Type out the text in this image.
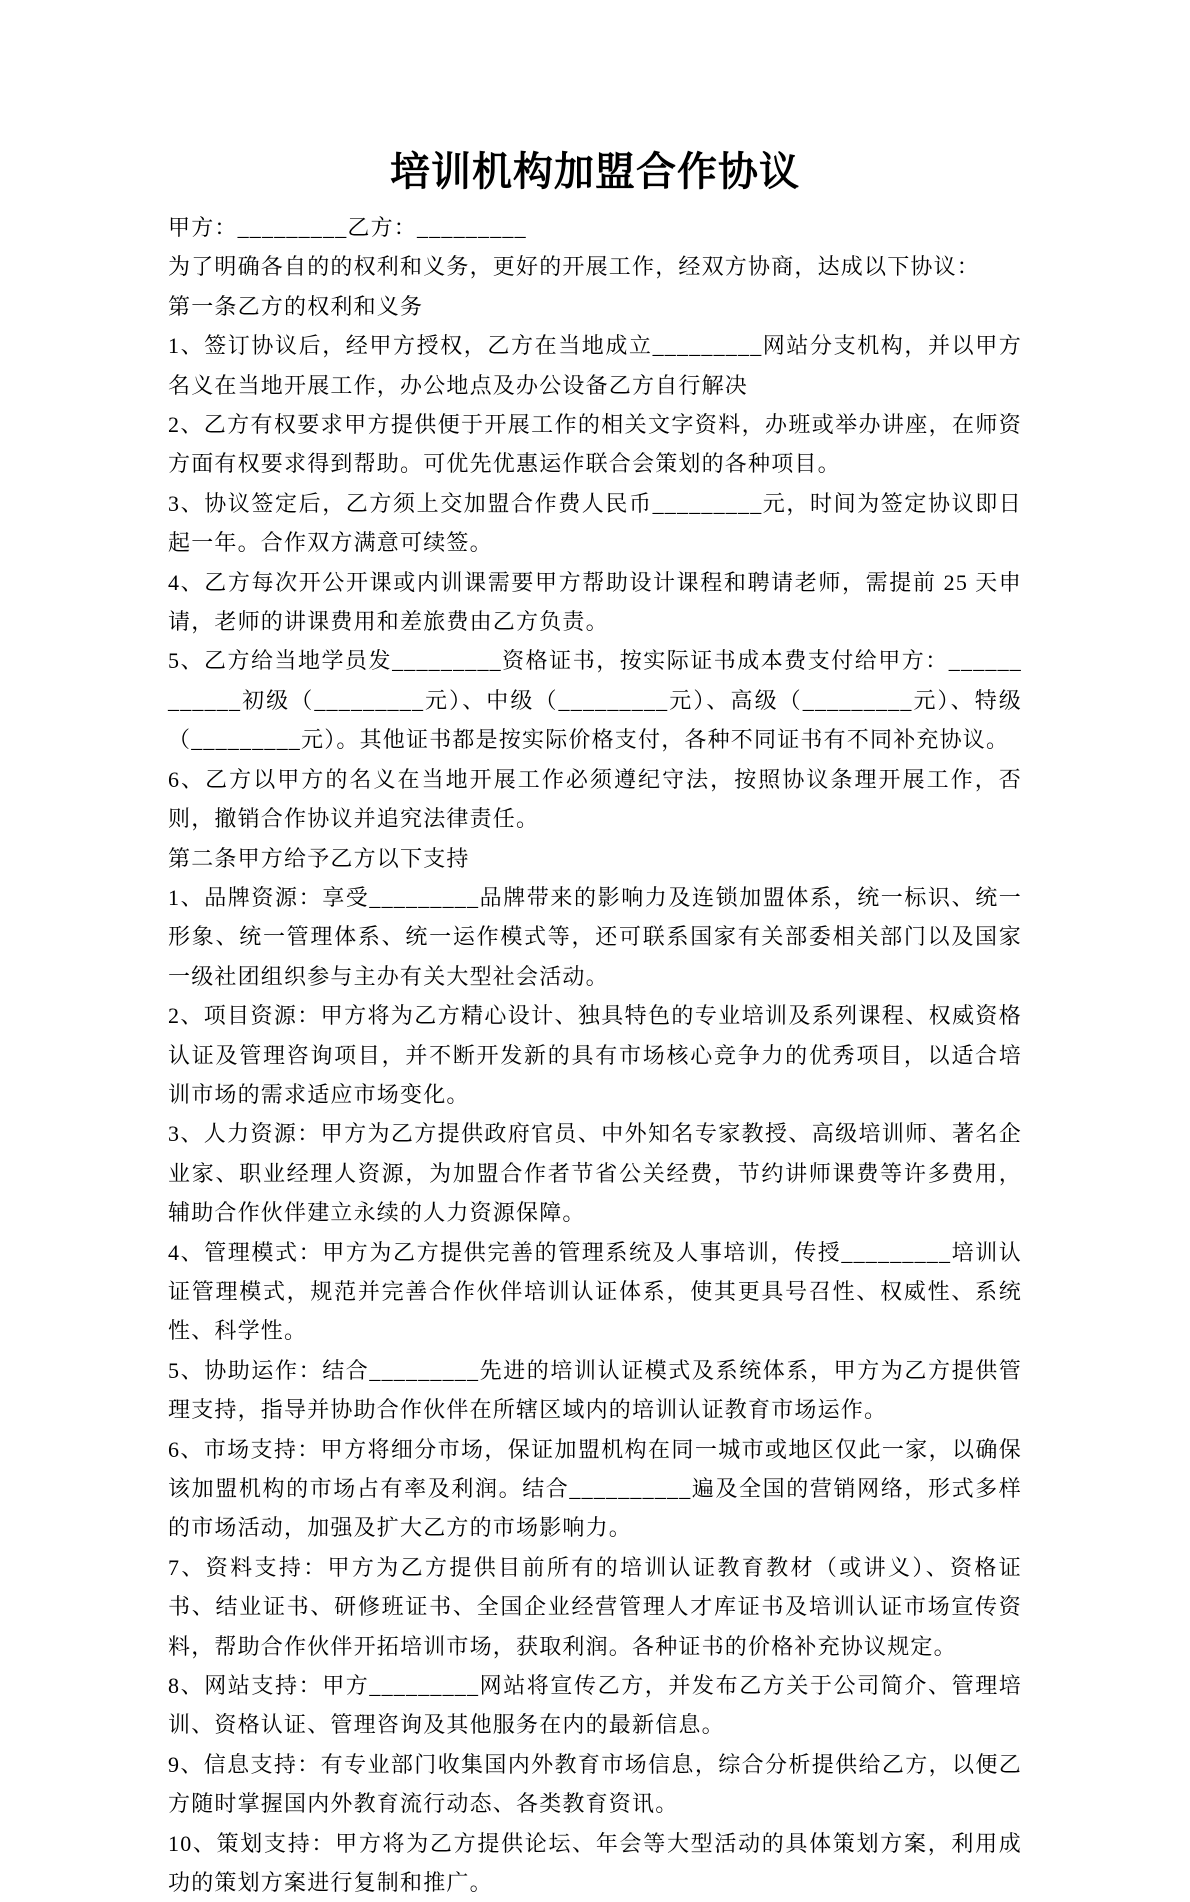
培训机构加盟合作协议

甲方：_________乙方：_________

为了明确各自的的权利和义务，更好的开展工作，经双方协商，达成以下协议：

第一条乙方的权利和义务

1、签订协议后，经甲方授权，乙方在当地成立_________网站分支机构，并以甲方名义在当地开展工作，办公地点及办公设备乙方自行解决

2、乙方有权要求甲方提供便于开展工作的相关文字资料，办班或举办讲座，在师资方面有权要求得到帮助。可优先优惠运作联合会策划的各种项目。

3、协议签定后，乙方须上交加盟合作费人民币_________元，时间为签定协议即日起一年。合作双方满意可续签。

4、乙方每次开公开课或内训课需要甲方帮助设计课程和聘请老师，需提前 25 天申请，老师的讲课费用和差旅费由乙方负责。

5、乙方给当地学员发_________资格证书，按实际证书成本费支付给甲方：____________初级（_________元）、中级（_________元）、高级（_________元）、特级（_________元）。其他证书都是按实际价格支付，各种不同证书有不同补充协议。

6、乙方以甲方的名义在当地开展工作必须遵纪守法，按照协议条理开展工作，否则，撤销合作协议并追究法律责任。

第二条甲方给予乙方以下支持

1、品牌资源：享受_________品牌带来的影响力及连锁加盟体系，统一标识、统一形象、统一管理体系、统一运作模式等，还可联系国家有关部委相关部门以及国家一级社团组织参与主办有关大型社会活动。

2、项目资源：甲方将为乙方精心设计、独具特色的专业培训及系列课程、权威资格认证及管理咨询项目，并不断开发新的具有市场核心竞争力的优秀项目，以适合培训市场的需求适应市场变化。

3、人力资源：甲方为乙方提供政府官员、中外知名专家教授、高级培训师、著名企业家、职业经理人资源，为加盟合作者节省公关经费，节约讲师课费等许多费用，辅助合作伙伴建立永续的人力资源保障。

4、管理模式：甲方为乙方提供完善的管理系统及人事培训，传授_________培训认证管理模式，规范并完善合作伙伴培训认证体系，使其更具号召性、权威性、系统性、科学性。

5、协助运作：结合_________先进的培训认证模式及系统体系，甲方为乙方提供管理支持，指导并协助合作伙伴在所辖区域内的培训认证教育市场运作。

6、市场支持：甲方将细分市场，保证加盟机构在同一城市或地区仅此一家，以确保该加盟机构的市场占有率及利润。结合__________遍及全国的营销网络，形式多样的市场活动，加强及扩大乙方的市场影响力。

7、资料支持：甲方为乙方提供目前所有的培训认证教育教材（或讲义）、资格证书、结业证书、研修班证书、全国企业经营管理人才库证书及培训认证市场宣传资料，帮助合作伙伴开拓培训市场，获取利润。各种证书的价格补充协议规定。

8、网站支持：甲方_________网站将宣传乙方，并发布乙方关于公司简介、管理培训、资格认证、管理咨询及其他服务在内的最新信息。

9、信息支持：有专业部门收集国内外教育市场信息，综合分析提供给乙方，以便乙方随时掌握国内外教育流行动态、各类教育资讯。

10、策划支持：甲方将为乙方提供论坛、年会等大型活动的具体策划方案，利用成功的策划方案进行复制和推广。
